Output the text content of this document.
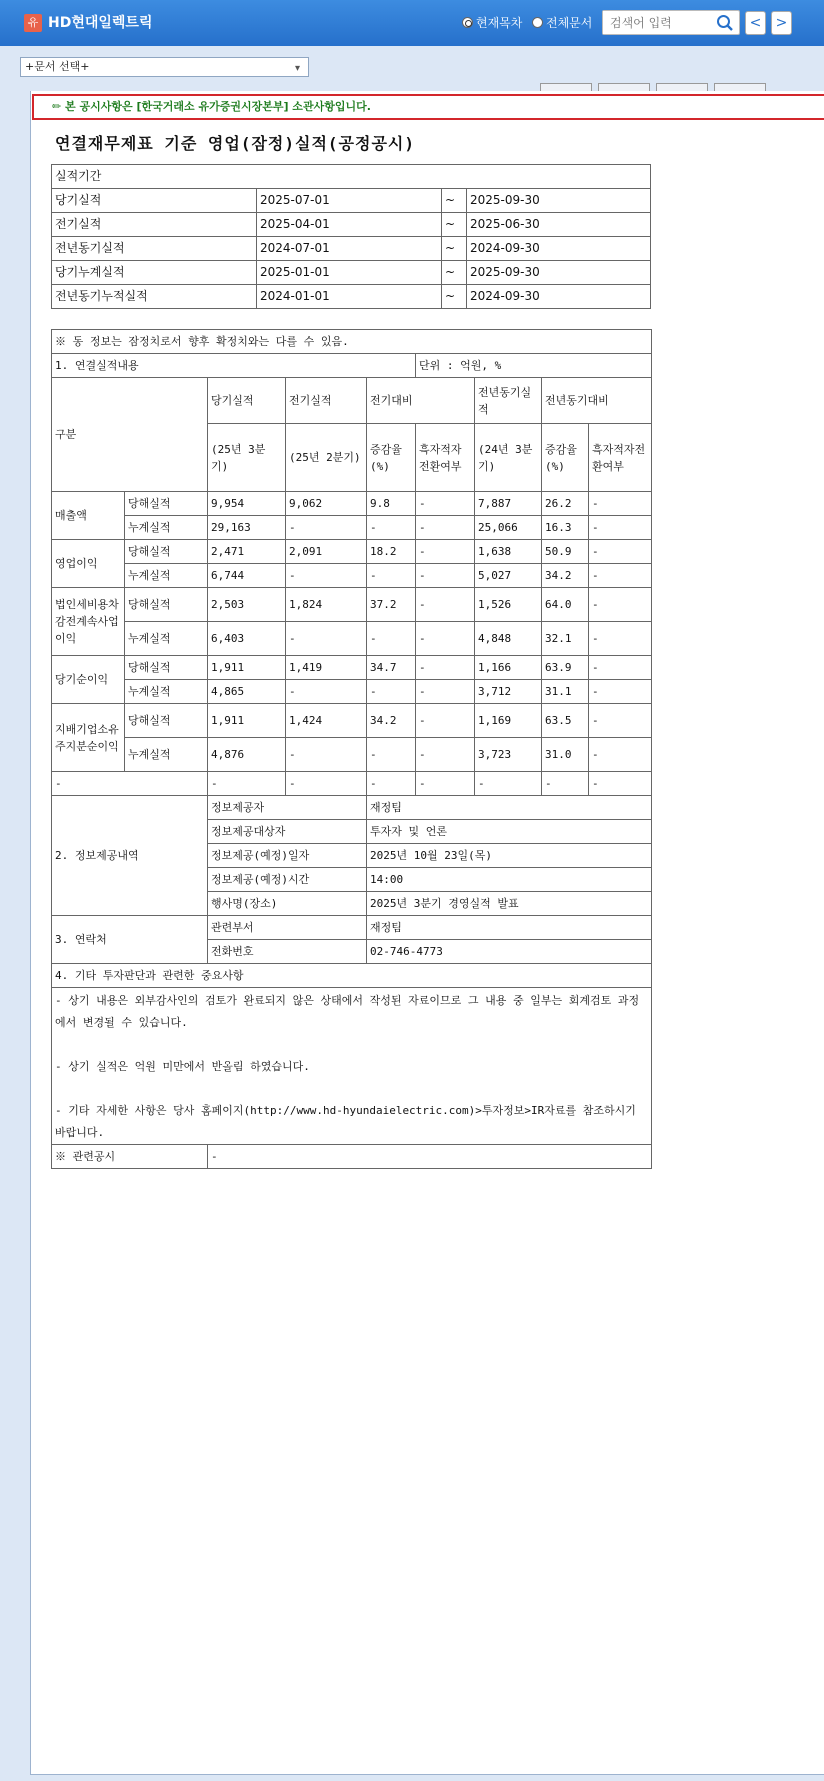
유 HD현대일렉트릭	현재목차 전체문서
검색어 입력	<	>
+문서 선택+	▾
✏ 본 공시사항은 [한국거래소 유가증권시장본부] 소관사항입니다.
연결재무제표 기준 영업(잠정)실적(공정공시)
실적기간			
당기실적	2025-07-01	~	2025-09-30
전기실적	2025-04-01	~	2025-06-30
전년동기실적	2024-07-01	~	2024-09-30
당기누계실적	2025-01-01	~	2025-09-30
전년동기누적실적	2024-01-01	~	2024-09-30
※ 동 정보는 잠정치로서 향후 확정치와는 다를 수 있음.								
1. 연결실적내용					단위 : 억원, %			
구분		당기실적	전기실적	전기대비		전년동기실적	전년동기대비	
		(25년 3분기)	(25년 2분기)	증감율(%)	흑자적자전환여부	(24년 3분기)	증감율(%)	흑자적자전환여부
매출액	당해실적	9,954	9,062	9.8	-	7,887	26.2	-
	누계실적	29,163	-	-	-	25,066	16.3	-
영업이익	당해실적	2,471	2,091	18.2	-	1,638	50.9	-
	누계실적	6,744	-	-	-	5,027	34.2	-
법인세비용차감전계속사업이익	당해실적	2,503	1,824	37.2	-	1,526	64.0	-
	누계실적	6,403	-	-	-	4,848	32.1	-
당기순이익	당해실적	1,911	1,419	34.7	-	1,166	63.9	-
	누계실적	4,865	-	-	-	3,712	31.1	-
지배기업소유주지분순이익	당해실적	1,911	1,424	34.2	-	1,169	63.5	-
	누계실적	4,876	-	-	-	3,723	31.0	-
-		-	-	-	-	-	-	-
2. 정보제공내역		정보제공자		재정팀				
		정보제공대상자		투자자 및 언론				
		정보제공(예정)일자		2025년 10월 23일(목)				
		정보제공(예정)시간		14:00				
		행사명(장소)		2025년 3분기 경영실적 발표				
3. 연락처		관련부서		재정팀				
		전화번호		02-746-4773				
4. 기타 투자판단과 관련한 중요사항								

- 상기 내용은 외부감사인의 검토가 완료되지 않은 상태에서 작성된 자료이므로 그 내용 중 일부는 회계검토 과정에서 변경될 수 있습니다.
- 상기 실적은 억원 미만에서 반올림 하였습니다.
- 기타 자세한 사항은 당사 홈페이지(http://www.hd-hyundaielectric.com)>투자정보>IR자료를 참조하시기 바랍니다.								

※ 관련공시		-						
